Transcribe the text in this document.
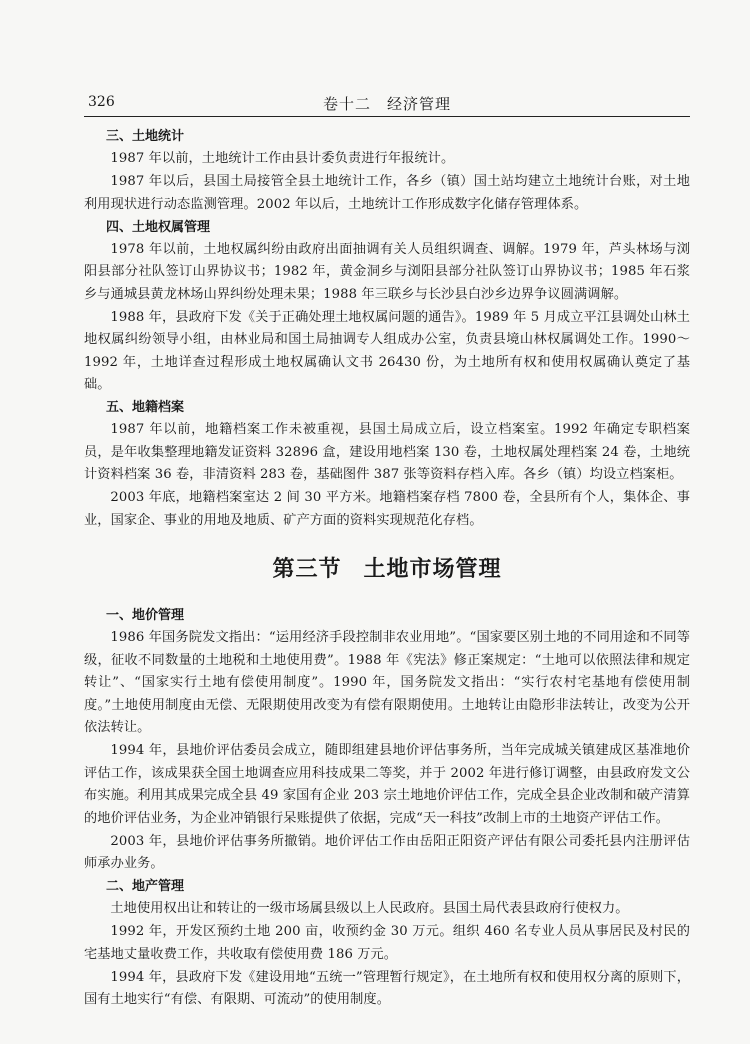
326	卷十二　经济管理
三、土地统计

1987 年以前，土地统计工作由县计委负责进行年报统计。

1987 年以后，县国土局接管全县土地统计工作，各乡（镇）国土站均建立土地统计台账，对土地利用现状进行动态监测管理。2002 年以后，土地统计工作形成数字化储存管理体系。

四、土地权属管理

1978 年以前，土地权属纠纷由政府出面抽调有关人员组织调查、调解。1979 年，芦头林场与浏阳县部分社队签订山界协议书；1982 年，黄金洞乡与浏阳县部分社队签订山界协议书；1985 年石浆乡与通城县黄龙林场山界纠纷处理未果；1988 年三联乡与长沙县白沙乡边界争议圆满调解。

1988 年，县政府下发《关于正确处理土地权属问题的通告》。1989 年 5 月成立平江县调处山林土地权属纠纷领导小组，由林业局和国土局抽调专人组成办公室，负责县境山林权属调处工作。1990～1992 年，土地详查过程形成土地权属确认文书 26430 份，为土地所有权和使用权属确认奠定了基础。

五、地籍档案

1987 年以前，地籍档案工作未被重视，县国土局成立后，设立档案室。1992 年确定专职档案员，是年收集整理地籍发证资料 32896 盒，建设用地档案 130 卷，土地权属处理档案 24 卷，土地统计资料档案 36 卷，非清资料 283 卷，基础图件 387 张等资料存档入库。各乡（镇）均设立档案柜。

2003 年底，地籍档案室达 2 间 30 平方米。地籍档案存档 7800 卷，全县所有个人，集体企、事业，国家企、事业的用地及地质、矿产方面的资料实现规范化存档。

第三节 土地市场管理
一、地价管理

1986 年国务院发文指出：“运用经济手段控制非农业用地”。“国家要区别土地的不同用途和不同等级，征收不同数量的土地税和土地使用费”。1988 年《宪法》修正案规定：“土地可以依照法律和规定转让”、“国家实行土地有偿使用制度”。1990 年，国务院发文指出：“实行农村宅基地有偿使用制度。”土地使用制度由无偿、无限期使用改变为有偿有限期使用。土地转让由隐形非法转让，改变为公开依法转让。

1994 年，县地价评估委员会成立，随即组建县地价评估事务所，当年完成城关镇建成区基准地价评估工作，该成果获全国土地调查应用科技成果二等奖，并于 2002 年进行修订调整，由县政府发文公布实施。利用其成果完成全县 49 家国有企业 203 宗土地地价评估工作，完成全县企业改制和破产清算的地价评估业务，为企业冲销银行呆账提供了依据，完成“天一科技”改制上市的土地资产评估工作。

2003 年，县地价评估事务所撤销。地价评估工作由岳阳正阳资产评估有限公司委托县内注册评估师承办业务。

二、地产管理

土地使用权出让和转让的一级市场属县级以上人民政府。县国土局代表县政府行使权力。

1992 年，开发区预约土地 200 亩，收预约金 30 万元。组织 460 名专业人员从事居民及村民的宅基地丈量收费工作，共收取有偿使用费 186 万元。

1994 年，县政府下发《建设用地“五统一”管理暂行规定》，在土地所有权和使用权分离的原则下，国有土地实行“有偿、有限期、可流动”的使用制度。
